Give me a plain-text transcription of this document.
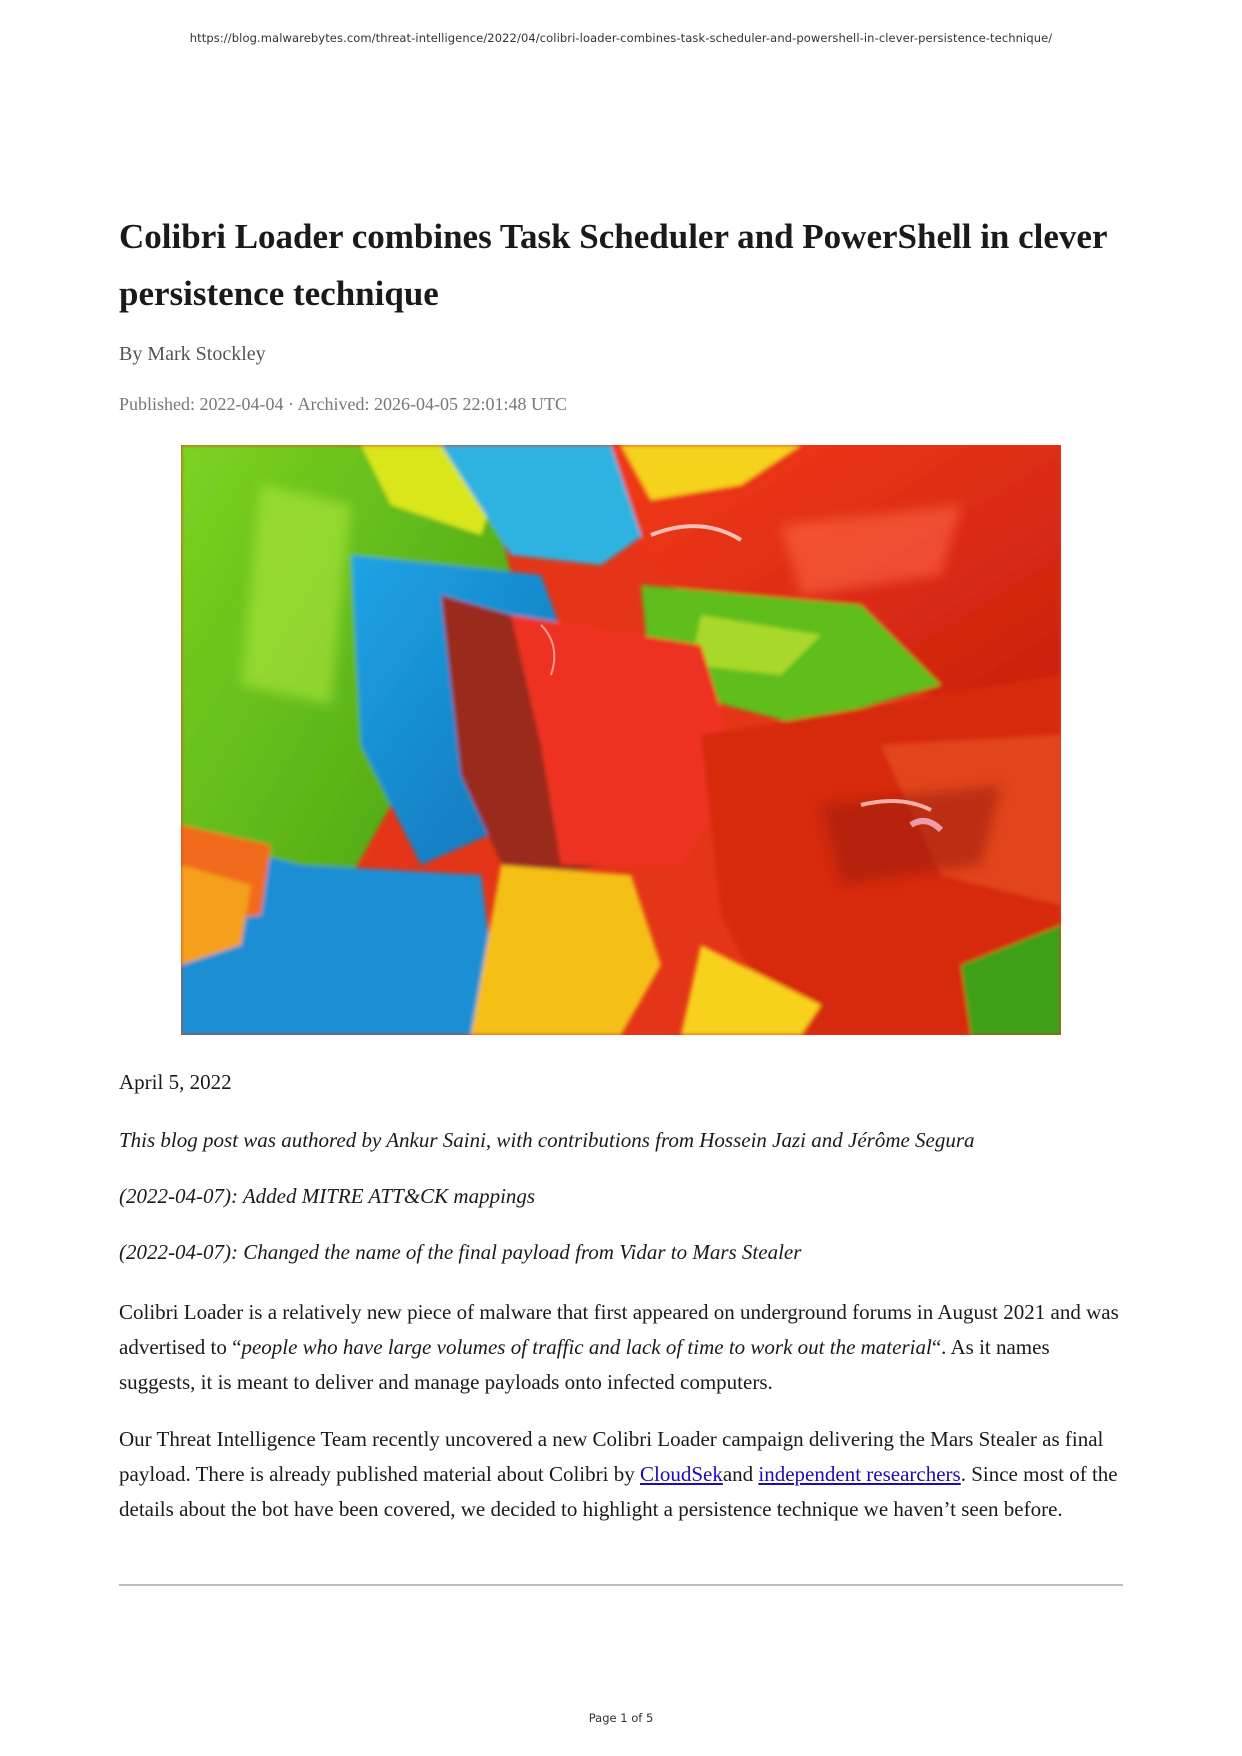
https://blog.malwarebytes.com/threat-intelligence/2022/04/colibri-loader-combines-task-scheduler-and-powershell-in-clever-persistence-technique/
Colibri Loader combines Task Scheduler and PowerShell in clever persistence technique

By Mark Stockley

Published: 2022-04-04 · Archived: 2026-04-05 22:01:48 UTC

April 5, 2022

This blog post was authored by Ankur Saini, with contributions from Hossein Jazi and Jérôme Segura

(2022-04-07): Added MITRE ATT&CK mappings

(2022-04-07): Changed the name of the final payload from Vidar to Mars Stealer

Colibri Loader is a relatively new piece of malware that first appeared on underground forums in August 2021 and was advertised to “people who have large volumes of traffic and lack of time to work out the material“. As it names suggests, it is meant to deliver and manage payloads onto infected computers.

Our Threat Intelligence Team recently uncovered a new Colibri Loader campaign delivering the Mars Stealer as final payload. There is already published material about Colibri by CloudSekand independent researchers. Since most of the details about the bot have been covered, we decided to highlight a persistence technique we haven’t seen before.

Page 1 of 5
